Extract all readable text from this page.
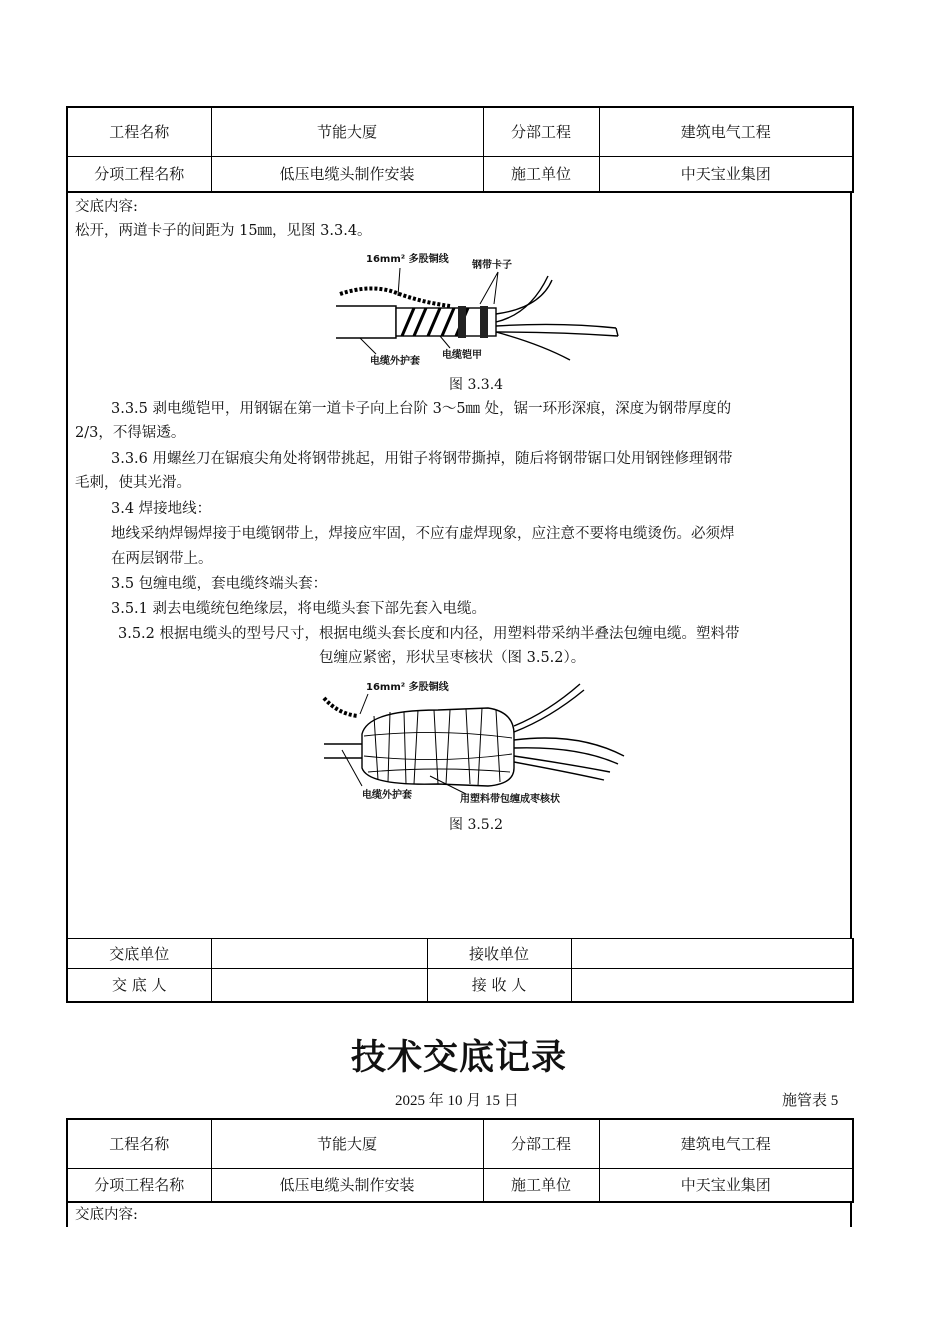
工程名称	节能大厦	分部工程	建筑电气工程
分项工程名称	低压电缆头制作安装	施工单位	中天宝业集团
交底内容:
松开，两道卡子的间距为 15㎜，见图 3.3.4。
16mm² 多股铜线
钢带卡子
电缆外护套
电缆铠甲
图 3.3.4
3.3.5 剥电缆铠甲，用钢锯在第一道卡子向上台阶 3～5㎜ 处，锯一环形深痕，深度为钢带厚度的
2/3，不得锯透。
3.3.6 用螺丝刀在锯痕尖角处将钢带挑起，用钳子将钢带撕掉，随后将钢带锯口处用钢锉修理钢带
毛刺，使其光滑。
3.4 焊接地线：
地线采纳焊锡焊接于电缆钢带上，焊接应牢固，不应有虚焊现象，应注意不要将电缆烫伤。必须焊
在两层钢带上。
3.5 包缠电缆，套电缆终端头套：
3.5.1 剥去电缆统包绝缘层，将电缆头套下部先套入电缆。
3.5.2 根据电缆头的型号尺寸，根据电缆头套长度和内径，用塑料带采纳半叠法包缠电缆。塑料带
包缠应紧密，形状呈枣核状（图 3.5.2）。
16mm² 多股铜线
电缆外护套	用塑料带包缠成枣核状
图 3.5.2
交底单位		接收单位	
交 底 人		接 收 人	
技术交底记录
2025 年 10 月 15 日	施管表 5
工程名称	节能大厦	分部工程	建筑电气工程
分项工程名称	低压电缆头制作安装	施工单位	中天宝业集团
交底内容:
